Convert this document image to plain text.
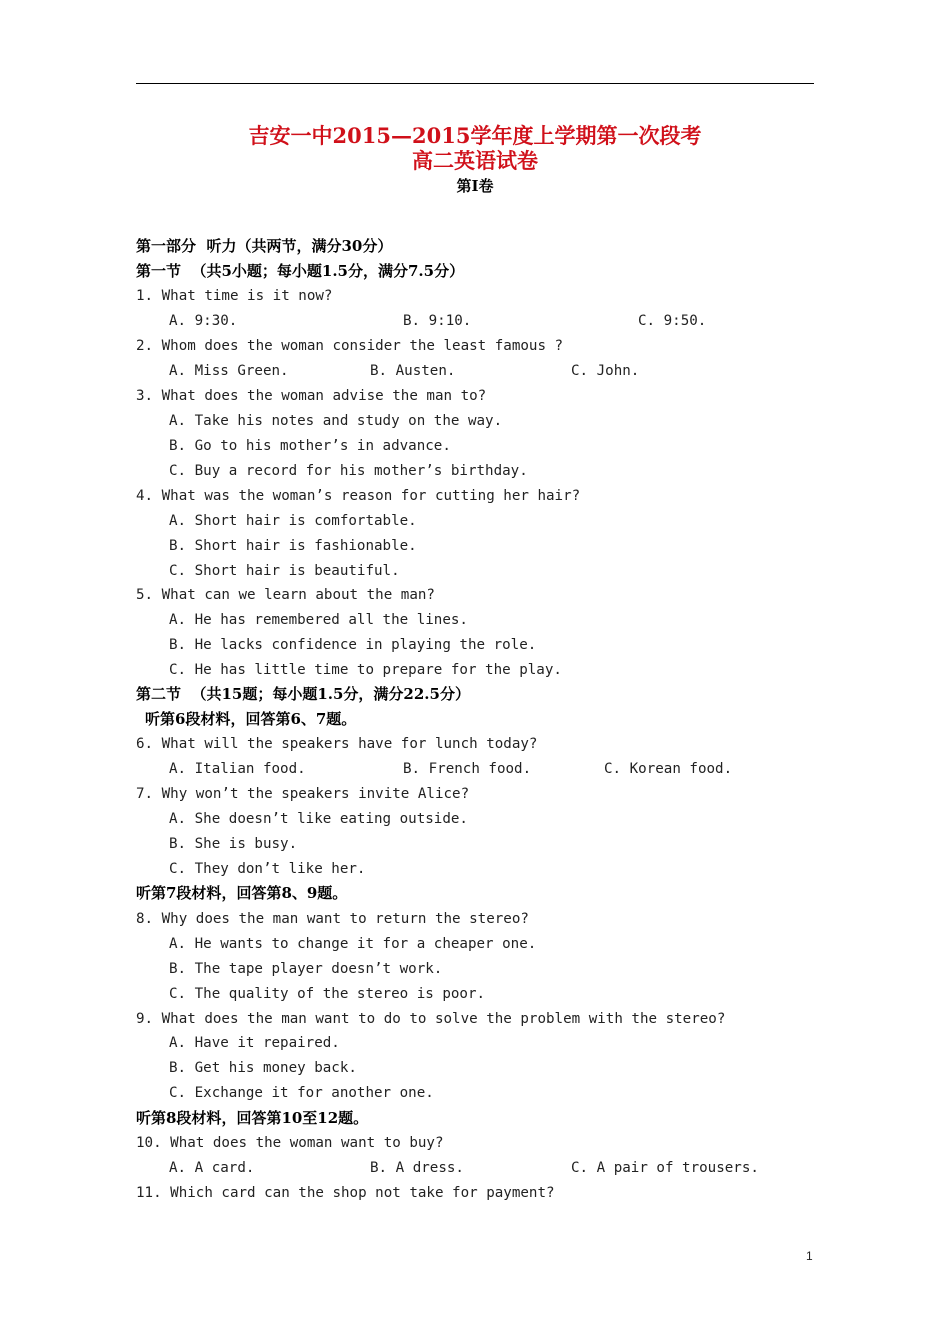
吉安一中2015—2015学年度上学期第一次段考
高二英语试卷
第I卷
第一部分  听力（共两节，满分30分）
第一节  （共5小题；每小题1.5分，满分7.5分）
1. What time is it now?
A. 9:30.	B. 9:10.	C. 9:50.
2. Whom does the woman consider the least famous ?
A. Miss Green.	B. Austen.	C. John.
3. What does the woman advise the man to?
A. Take his notes and study on the way.
B. Go to his mother’s in advance.
C. Buy a record for his mother’s birthday.
4. What was the woman’s reason for cutting her hair?
A. Short hair is comfortable.
B. Short hair is fashionable.
C. Short hair is beautiful.
5. What can we learn about the man?
A. He has remembered all the lines.
B. He lacks confidence in playing the role.
C. He has little time to prepare for the play.
第二节  （共15题；每小题1.5分，满分22.5分）
听第6段材料，回答第6、7题。
6. What will the speakers have for lunch today?
A. Italian food.	B. French food.	C. Korean food.
7. Why won’t the speakers invite Alice?
A. She doesn’t like eating outside.
B. She is busy.
C. They don’t like her.
听第7段材料，回答第8、9题。
8. Why does the man want to return the stereo?
A. He wants to change it for a cheaper one.
B. The tape player doesn’t work.
C. The quality of the stereo is poor.
9. What does the man want to do to solve the problem with the stereo?
A. Have it repaired.
B. Get his money back.
C. Exchange it for another one.
听第8段材料，回答第10至12题。
10. What does the woman want to buy?
A. A card.	B. A dress.	C. A pair of trousers.
11. Which card can the shop not take for payment?
1
